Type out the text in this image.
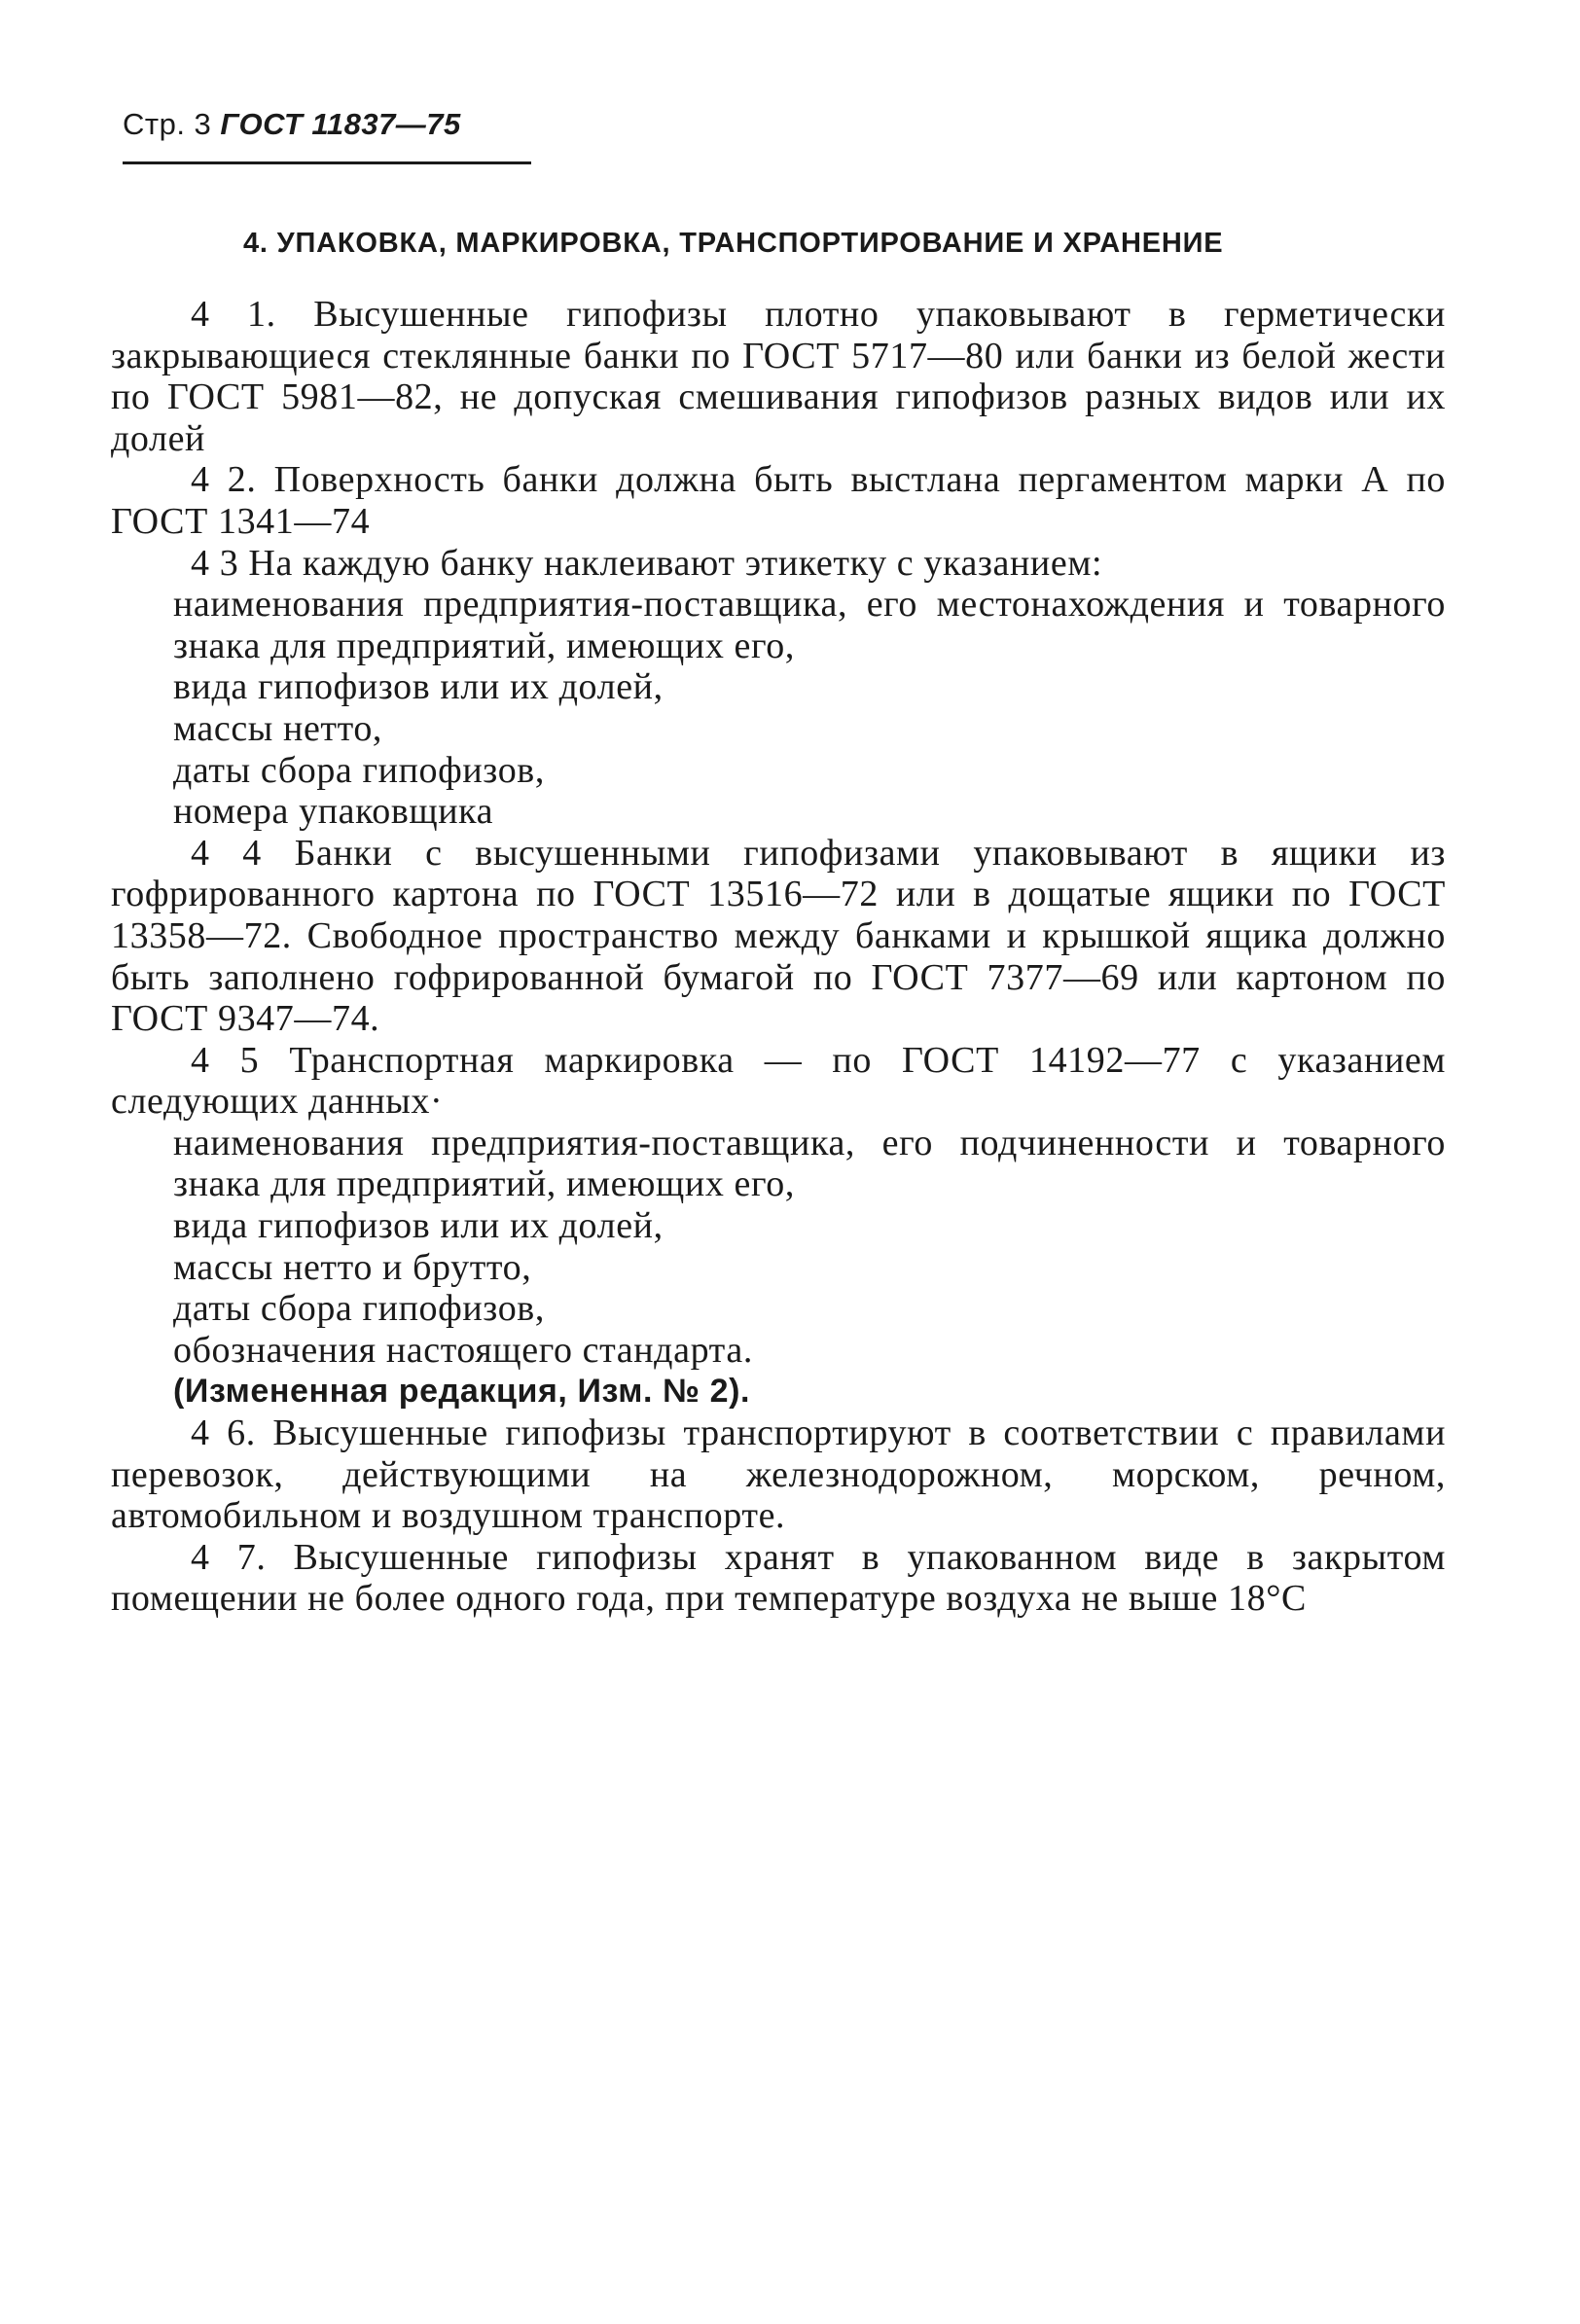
Стр. 3 ГОСТ 11837—75
4. УПАКОВКА, МАРКИРОВКА, ТРАНСПОРТИРОВАНИЕ И ХРАНЕНИЕ

4 1. Высушенные гипофизы плотно упаковывают в герметически закрывающиеся стеклянные банки по ГОСТ 5717—80 или банки из белой жести по ГОСТ 5981—82, не допуская смешивания гипофизов разных видов или их долей

4 2. Поверхность банки должна быть выстлана пергаментом марки А по ГОСТ 1341—74

4 3 На каждую банку наклеивают этикетку с указанием:

наименования предприятия-поставщика, его местонахождения и товарного знака для предприятий, имеющих его,

вида гипофизов или их долей,

массы нетто,

даты сбора гипофизов,

номера упаковщика

4 4 Банки с высушенными гипофизами упаковывают в ящики из гофрированного картона по ГОСТ 13516—72 или в дощатые ящики по ГОСТ 13358—72. Свободное пространство между банками и крышкой ящика должно быть заполнено гофрированной бумагой по ГОСТ 7377—69 или картоном по ГОСТ 9347—74.

4 5 Транспортная маркировка — по ГОСТ 14192—77 с указанием следующих данных·

наименования предприятия-поставщика, его подчиненности и товарного знака для предприятий, имеющих его,

вида гипофизов или их долей,

массы нетто и брутто,

даты сбора гипофизов,

обозначения настоящего стандарта.

(Измененная редакция, Изм. № 2).

4 6. Высушенные гипофизы транспортируют в соответствии с правилами перевозок, действующими на железнодорожном, морском, речном, автомобильном и воздушном транспорте.

4 7. Высушенные гипофизы хранят в упакованном виде в закрытом помещении не более одного года, при температуре воздуха не выше 18°С
